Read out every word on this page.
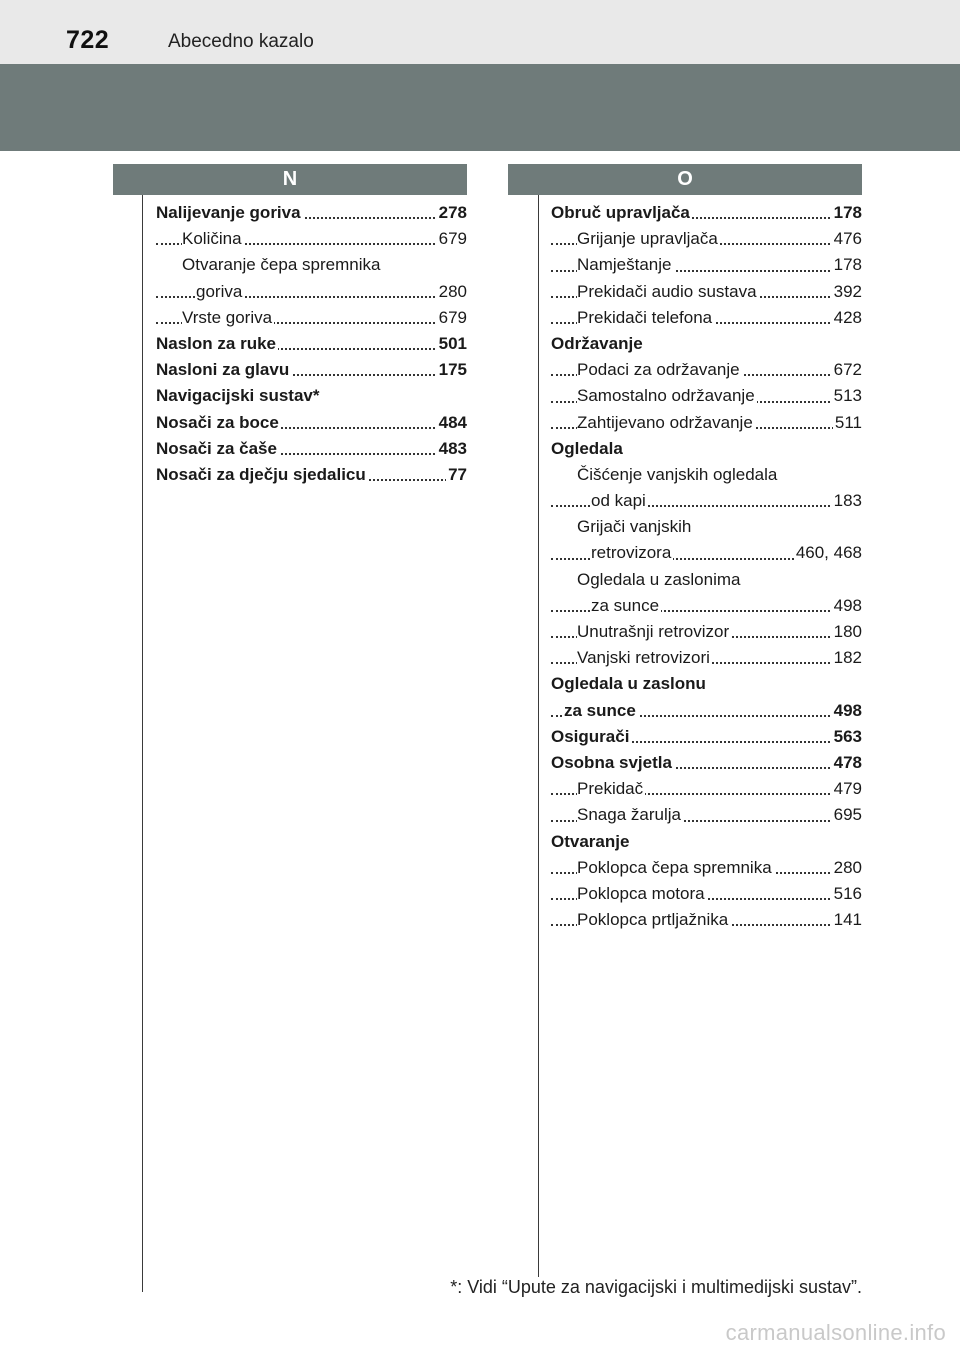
722	Abecedno kazalo
N	O
Nalijevanje goriva	278
Količina	679
Otvaranje čepa spremnika
goriva	280
Vrste goriva	679
Naslon za ruke	501
Nasloni za glavu	175
Navigacijski sustav*
Nosači za boce	484
Nosači za čaše	483
Nosači za dječju sjedalicu	77
Obruč upravljača	178
Grijanje upravljača	476
Namještanje	178
Prekidači audio sustava	392
Prekidači telefona	428
Održavanje
Podaci za održavanje	672
Samostalno održavanje	513
Zahtijevano održavanje	511
Ogledala
Čišćenje vanjskih ogledala
od kapi	183
Grijači vanjskih
retrovizora	460, 468
Ogledala u zaslonima
za sunce	498
Unutrašnji retrovizor	180
Vanjski retrovizori	182
Ogledala u zaslonu
za sunce	498
Osigurači	563
Osobna svjetla	478
Prekidač	479
Snaga žarulja	695
Otvaranje
Poklopca čepa spremnika	280
Poklopca motora	516
Poklopca prtljažnika	141
*: Vidi “Upute za navigacijski i multimedijski sustav”.
carmanualsonline.info
